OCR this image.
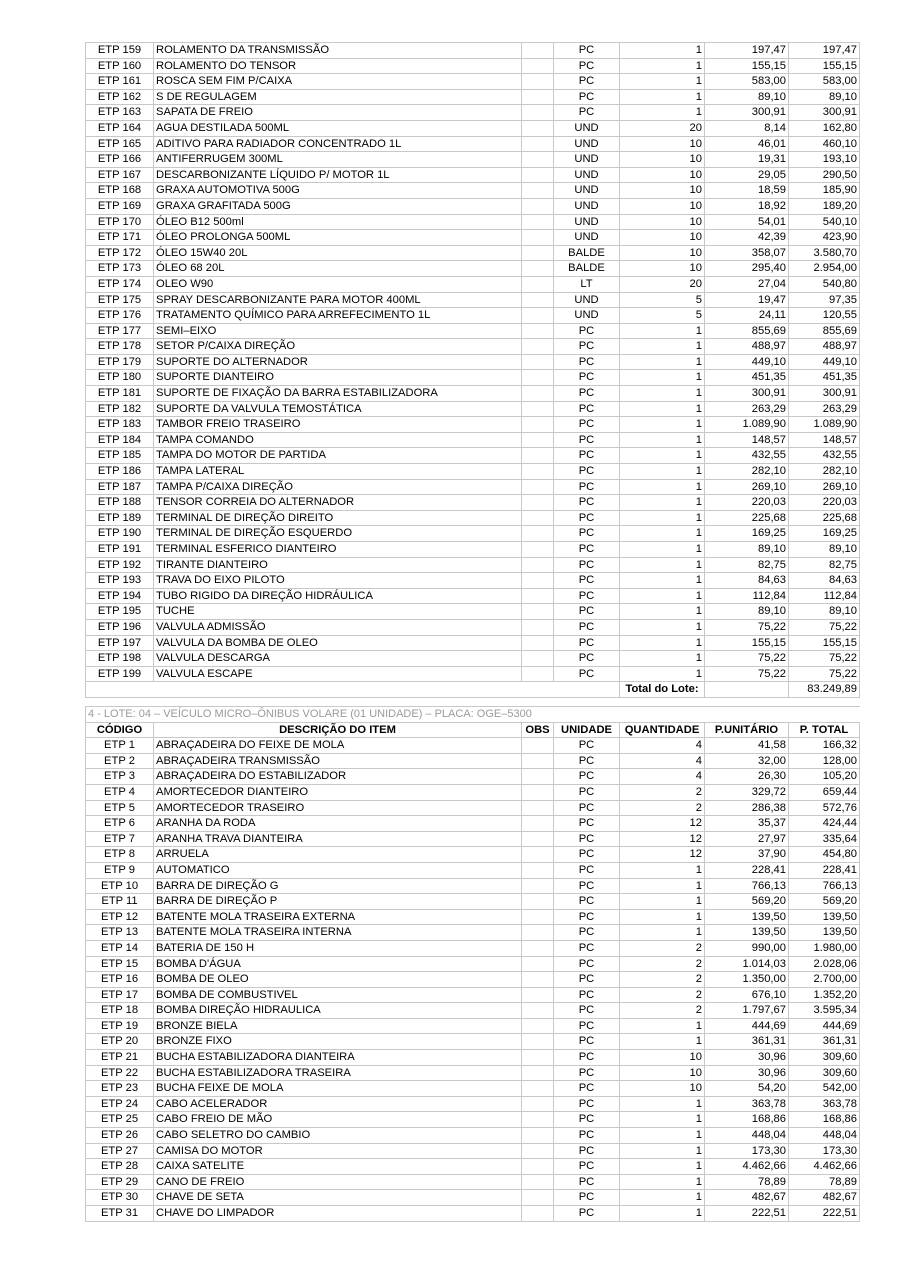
ETP 159	ROLAMENTO DA TRANSMISSÃO		PC	1	197,47	197,47
ETP 160	ROLAMENTO DO TENSOR		PC	1	155,15	155,15
ETP 161	ROSCA SEM FIM P/CAIXA		PC	1	583,00	583,00
ETP 162	S DE REGULAGEM		PC	1	89,10	89,10
ETP 163	SAPATA DE FREIO		PC	1	300,91	300,91
ETP 164	AGUA DESTILADA 500ML		UND	20	8,14	162,80
ETP 165	ADITIVO PARA RADIADOR CONCENTRADO 1L		UND	10	46,01	460,10
ETP 166	ANTIFERRUGEM 300ML		UND	10	19,31	193,10
ETP 167	DESCARBONIZANTE LÍQUIDO P/ MOTOR 1L		UND	10	29,05	290,50
ETP 168	GRAXA AUTOMOTIVA 500G		UND	10	18,59	185,90
ETP 169	GRAXA GRAFITADA 500G		UND	10	18,92	189,20
ETP 170	ÓLEO B12 500ml		UND	10	54,01	540,10
ETP 171	ÓLEO PROLONGA 500ML		UND	10	42,39	423,90
ETP 172	ÓLEO 15W40 20L		BALDE	10	358,07	3.580,70
ETP 173	ÓLEO 68 20L		BALDE	10	295,40	2.954,00
ETP 174	OLEO W90		LT	20	27,04	540,80
ETP 175	SPRAY DESCARBONIZANTE PARA MOTOR 400ML		UND	5	19,47	97,35
ETP 176	TRATAMENTO QUÍMICO PARA ARREFECIMENTO 1L		UND	5	24,11	120,55
ETP 177	SEMI–EIXO		PC	1	855,69	855,69
ETP 178	SETOR P/CAIXA DIREÇÃO		PC	1	488,97	488,97
ETP 179	SUPORTE DO ALTERNADOR		PC	1	449,10	449,10
ETP 180	SUPORTE DIANTEIRO		PC	1	451,35	451,35
ETP 181	SUPORTE DE FIXAÇÃO DA BARRA ESTABILIZADORA		PC	1	300,91	300,91
ETP 182	SUPORTE DA VALVULA TEMOSTÁTICA		PC	1	263,29	263,29
ETP 183	TAMBOR FREIO TRASEIRO		PC	1	1.089,90	1.089,90
ETP 184	TAMPA COMANDO		PC	1	148,57	148,57
ETP 185	TAMPA DO MOTOR DE PARTIDA		PC	1	432,55	432,55
ETP 186	TAMPA LATERAL		PC	1	282,10	282,10
ETP 187	TAMPA P/CAIXA DIREÇÃO		PC	1	269,10	269,10
ETP 188	TENSOR CORREIA DO ALTERNADOR		PC	1	220,03	220,03
ETP 189	TERMINAL DE DIREÇÃO DIREITO		PC	1	225,68	225,68
ETP 190	TERMINAL DE DIREÇÃO ESQUERDO		PC	1	169,25	169,25
ETP 191	TERMINAL ESFERICO DIANTEIRO		PC	1	89,10	89,10
ETP 192	TIRANTE DIANTEIRO		PC	1	82,75	82,75
ETP 193	TRAVA DO EIXO PILOTO		PC	1	84,63	84,63
ETP 194	TUBO RIGIDO DA DIREÇÃO HIDRÁULICA		PC	1	112,84	112,84
ETP 195	TUCHE		PC	1	89,10	89,10
ETP 196	VALVULA ADMISSÃO		PC	1	75,22	75,22
ETP 197	VALVULA DA BOMBA DE OLEO		PC	1	155,15	155,15
ETP 198	VALVULA DESCARGA		PC	1	75,22	75,22
ETP 199	VALVULA ESCAPE		PC	1	75,22	75,22
				Total do Lote:		83.249,89
4 - LOTE: 04 – VEÍCULO MICRO–ÔNIBUS VOLARE (01 UNIDADE) – PLACA: OGE–5300						
CÓDIGO	DESCRIÇÃO DO ITEM	OBS	UNIDADE	QUANTIDADE	P.UNITÁRIO	P. TOTAL
ETP 1	ABRAÇADEIRA DO FEIXE DE MOLA		PC	4	41,58	166,32
ETP 2	ABRAÇADEIRA TRANSMISSÃO		PC	4	32,00	128,00
ETP 3	ABRAÇADEIRA DO ESTABILIZADOR		PC	4	26,30	105,20
ETP 4	AMORTECEDOR DIANTEIRO		PC	2	329,72	659,44
ETP 5	AMORTECEDOR TRASEIRO		PC	2	286,38	572,76
ETP 6	ARANHA DA RODA		PC	12	35,37	424,44
ETP 7	ARANHA TRAVA DIANTEIRA		PC	12	27,97	335,64
ETP 8	ARRUELA		PC	12	37,90	454,80
ETP 9	AUTOMATICO		PC	1	228,41	228,41
ETP 10	BARRA DE DIREÇÃO G		PC	1	766,13	766,13
ETP 11	BARRA DE DIREÇÃO P		PC	1	569,20	569,20
ETP 12	BATENTE MOLA TRASEIRA EXTERNA		PC	1	139,50	139,50
ETP 13	BATENTE MOLA TRASEIRA INTERNA		PC	1	139,50	139,50
ETP 14	BATERIA DE 150 H		PC	2	990,00	1.980,00
ETP 15	BOMBA D'ÁGUA		PC	2	1.014,03	2.028,06
ETP 16	BOMBA DE OLEO		PC	2	1.350,00	2.700,00
ETP 17	BOMBA DE COMBUSTIVEL		PC	2	676,10	1.352,20
ETP 18	BOMBA DIREÇÃO HIDRAULICA		PC	2	1.797,67	3.595,34
ETP 19	BRONZE BIELA		PC	1	444,69	444,69
ETP 20	BRONZE FIXO		PC	1	361,31	361,31
ETP 21	BUCHA ESTABILIZADORA DIANTEIRA		PC	10	30,96	309,60
ETP 22	BUCHA ESTABILIZADORA TRASEIRA		PC	10	30,96	309,60
ETP 23	BUCHA FEIXE DE MOLA		PC	10	54,20	542,00
ETP 24	CABO ACELERADOR		PC	1	363,78	363,78
ETP 25	CABO FREIO DE MÃO		PC	1	168,86	168,86
ETP 26	CABO SELETRO DO CAMBIO		PC	1	448,04	448,04
ETP 27	CAMISA DO MOTOR		PC	1	173,30	173,30
ETP 28	CAIXA SATELITE		PC	1	4.462,66	4.462,66
ETP 29	CANO DE FREIO		PC	1	78,89	78,89
ETP 30	CHAVE DE SETA		PC	1	482,67	482,67
ETP 31	CHAVE DO LIMPADOR		PC	1	222,51	222,51
